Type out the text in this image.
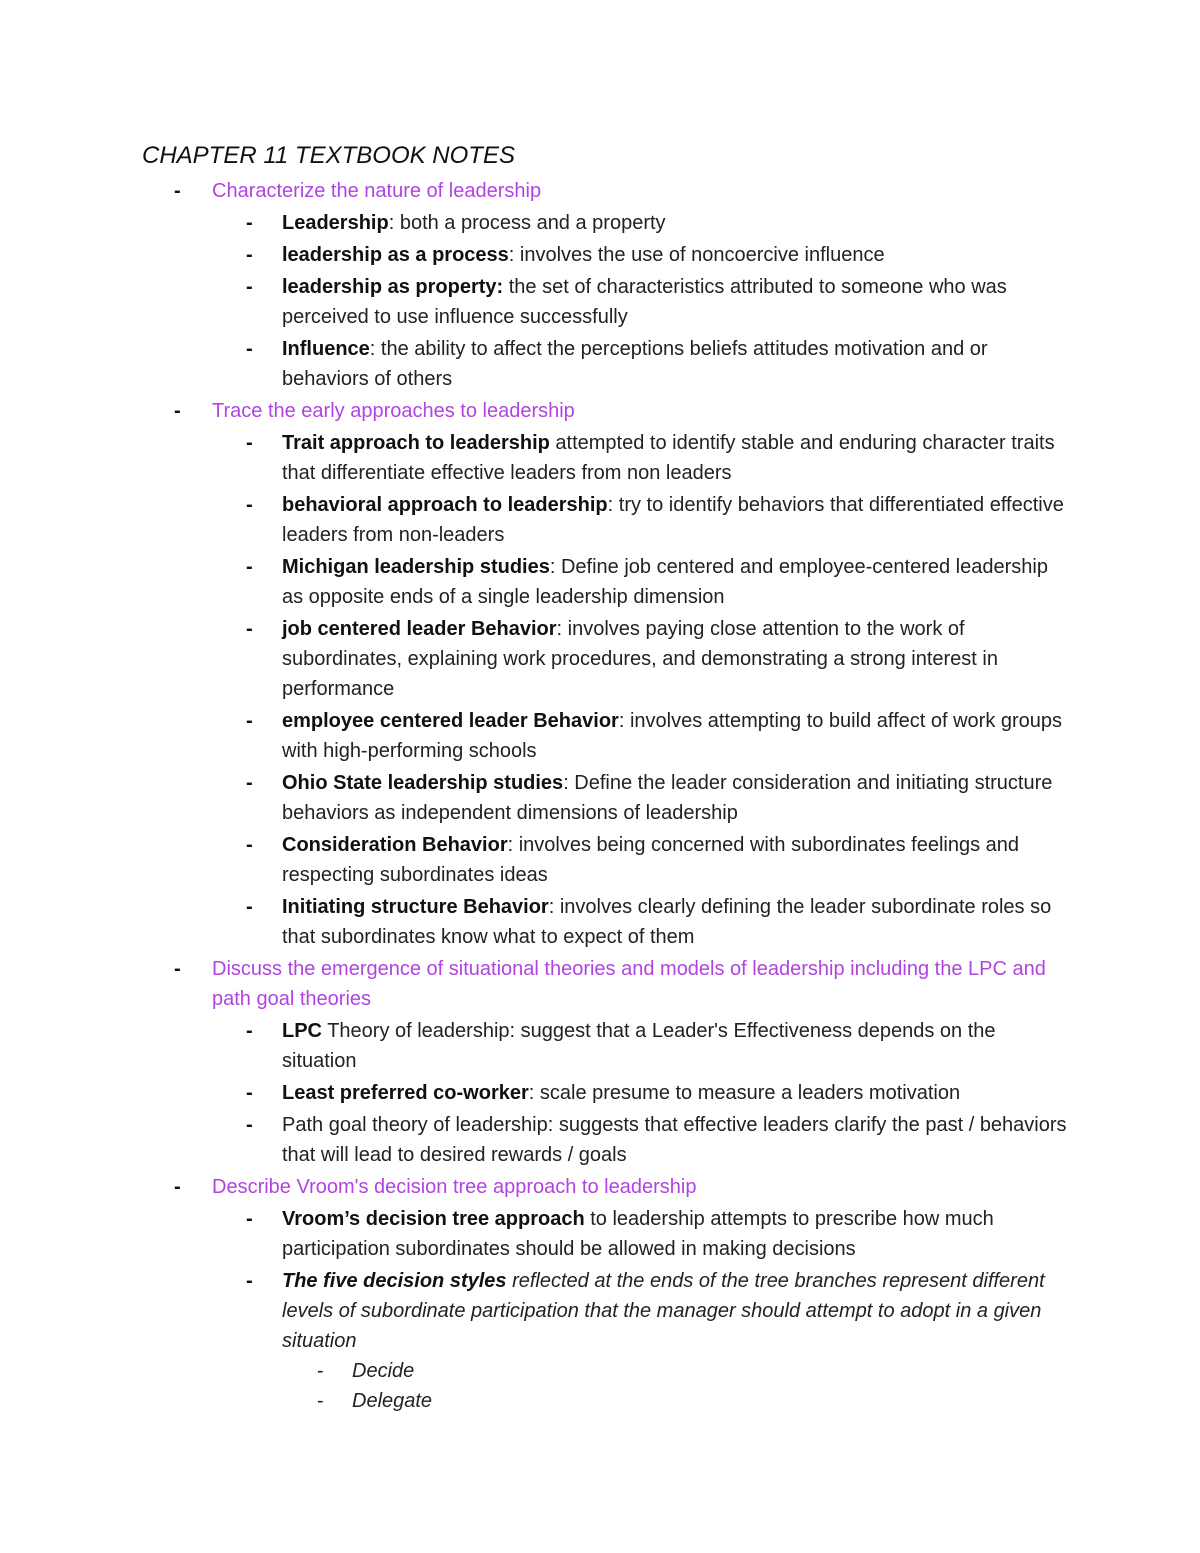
CHAPTER 11 TEXTBOOK NOTES
- Characterize the nature of leadership
- Leadership: both a process and a property
- leadership as a process: involves the use of noncoercive influence
- leadership as property: the set of characteristics attributed to someone who was perceived to use influence successfully
- Influence: the ability to affect the perceptions beliefs attitudes motivation and or behaviors of others
- Trace the early approaches to leadership
- Trait approach to leadership attempted to identify stable and enduring character traits that differentiate effective leaders from non leaders
- behavioral approach to leadership: try to identify behaviors that differentiated effective leaders from non-leaders
- Michigan leadership studies: Define job centered and employee-centered leadership as opposite ends of a single leadership dimension
- job centered leader Behavior: involves paying close attention to the work of subordinates, explaining work procedures, and demonstrating a strong interest in performance
- employee centered leader Behavior: involves attempting to build affect of work groups with high-performing schools
- Ohio State leadership studies: Define the leader consideration and initiating structure behaviors as independent dimensions of leadership
- Consideration Behavior: involves being concerned with subordinates feelings and respecting subordinates ideas
- Initiating structure Behavior: involves clearly defining the leader subordinate roles so that subordinates know what to expect of them
- Discuss the emergence of situational theories and models of leadership including the LPC and path goal theories
- LPC Theory of leadership: suggest that a Leader's Effectiveness depends on the situation
- Least preferred co-worker: scale presume to measure a leaders motivation
- Path goal theory of leadership: suggests that effective leaders clarify the past / behaviors that will lead to desired rewards / goals
- Describe Vroom's decision tree approach to leadership
- Vroom’s decision tree approach to leadership attempts to prescribe how much participation subordinates should be allowed in making decisions
- The five decision styles reflected at the ends of the tree branches represent different levels of subordinate participation that the manager should attempt to adopt in a given situation
- Decide
- Delegate
